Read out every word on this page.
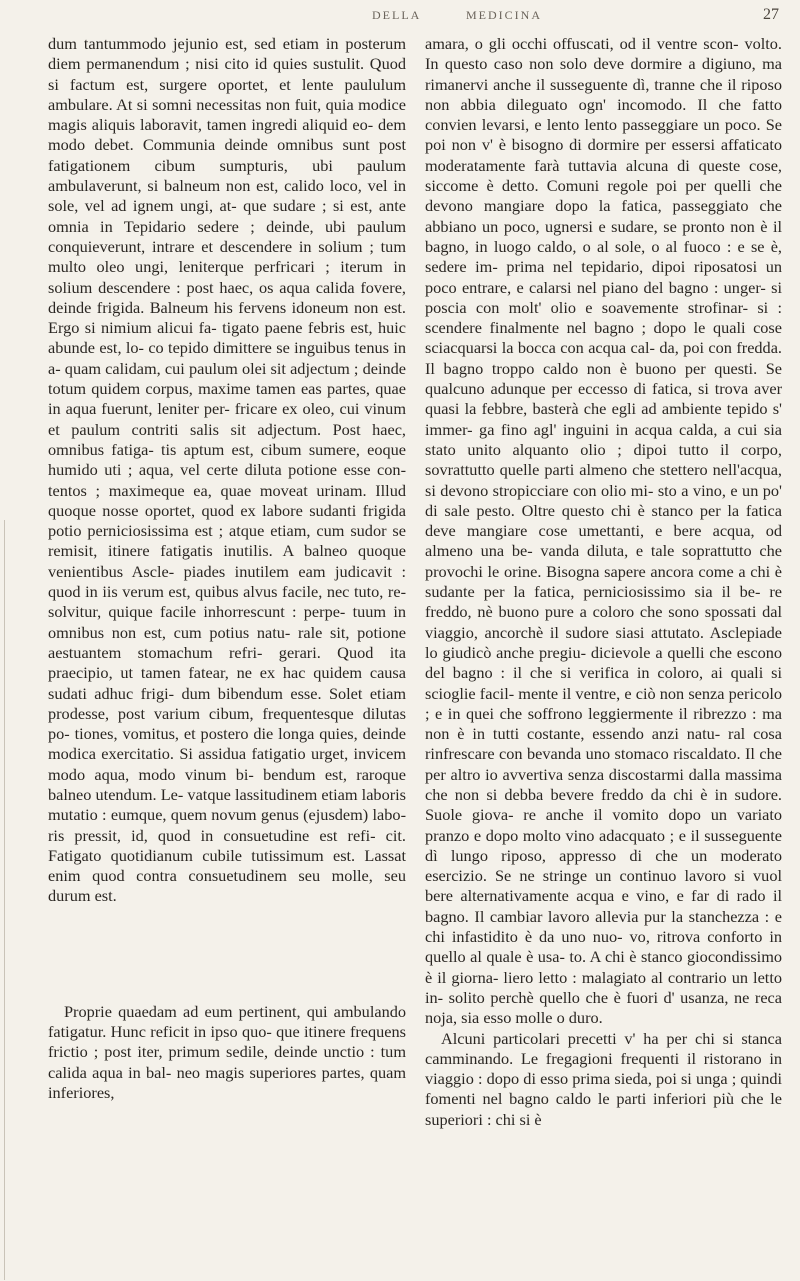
DELLA	MEDICINA	27

dum tantummodo jejunio est, sed etiam in posterum diem permanendum ; nisi cito id quies sustulit. Quod si factum est, surgere oportet, et lente paululum ambulare. At si somni necessitas non fuit, quia modice magis aliquis laboravit, tamen ingredi aliquid eo- dem modo debet. Communia deinde omnibus sunt post fatigationem cibum sumpturis, ubi paulum ambulaverunt, si balneum non est, calido loco, vel in sole, vel ad ignem ungi, at- que sudare ; si est, ante omnia in Tepidario sedere ; deinde, ubi paulum conquieverunt, intrare et descendere in solium ; tum multo oleo ungi, leniterque perfricari ; iterum in solium descendere : post haec, os aqua calida fovere, deinde frigida. Balneum his fervens idoneum non est. Ergo si nimium alicui fa- tigato paene febris est, huic abunde est, lo- co tepido dimittere se inguibus tenus in a- quam calidam, cui paulum olei sit adjectum ; deinde totum quidem corpus, maxime tamen eas partes, quae in aqua fuerunt, leniter per- fricare ex oleo, cui vinum et paulum contriti salis sit adjectum. Post haec, omnibus fatiga- tis aptum est, cibum sumere, eoque humido uti ; aqua, vel certe diluta potione esse con- tentos ; maximeque ea, quae moveat urinam. Illud quoque nosse oportet, quod ex labore sudanti frigida potio perniciosissima est ; atque etiam, cum sudor se remisit, itinere fatigatis inutilis. A balneo quoque venientibus Ascle- piades inutilem eam judicavit : quod in iis verum est, quibus alvus facile, nec tuto, re- solvitur, quique facile inhorrescunt : perpe- tuum in omnibus non est, cum potius natu- rale sit, potione aestuantem stomachum refri- gerari. Quod ita praecipio, ut tamen fatear, ne ex hac quidem causa sudati adhuc frigi- dum bibendum esse. Solet etiam prodesse, post varium cibum, frequentesque dilutas po- tiones, vomitus, et postero die longa quies, deinde modica exercitatio. Si assidua fatigatio urget, invicem modo aqua, modo vinum bi- bendum est, raroque balneo utendum. Le- vatque lassitudinem etiam laboris mutatio : eumque, quem novum genus (ejusdem) labo- ris pressit, id, quod in consuetudine est refi- cit. Fatigato quotidianum cubile tutissimum est. Lassat enim quod contra consuetudinem seu molle, seu durum est.

Proprie quaedam ad eum pertinent, qui ambulando fatigatur. Hunc reficit in ipso quo- que itinere frequens frictio ; post iter, primum sedile, deinde unctio : tum calida aqua in bal- neo magis superiores partes, quam inferiores,

amara, o gli occhi offuscati, od il ventre scon- volto. In questo caso non solo deve dormire a digiuno, ma rimanervi anche il susseguente dì, tranne che il riposo non abbia dileguato ogn' incomodo. Il che fatto convien levarsi, e lento lento passeggiare un poco. Se poi non v' è bisogno di dormire per essersi affaticato moderatamente farà tuttavia alcuna di queste cose, siccome è detto. Comuni regole poi per quelli che devono mangiare dopo la fatica, passeggiato che abbiano un poco, ugnersi e sudare, se pronto non è il bagno, in luogo caldo, o al sole, o al fuoco : e se è, sedere im- prima nel tepidario, dipoi riposatosi un poco entrare, e calarsi nel piano del bagno : unger- si poscia con molt' olio e soavemente strofinar- si : scendere finalmente nel bagno ; dopo le quali cose sciacquarsi la bocca con acqua cal- da, poi con fredda. Il bagno troppo caldo non è buono per questi. Se qualcuno adunque per eccesso di fatica, si trova aver quasi la febbre, basterà che egli ad ambiente tepido s' immer- ga fino agl' inguini in acqua calda, a cui sia stato unito alquanto olio ; dipoi tutto il corpo, sovrattutto quelle parti almeno che stettero nell'acqua, si devono stropicciare con olio mi- sto a vino, e un po' di sale pesto. Oltre questo chi è stanco per la fatica deve mangiare cose umettanti, e bere acqua, od almeno una be- vanda diluta, e tale soprattutto che provochi le orine. Bisogna sapere ancora come a chi è sudante per la fatica, perniciosissimo sia il be- re freddo, nè buono pure a coloro che sono spossati dal viaggio, ancorchè il sudore siasi attutato. Asclepiade lo giudicò anche pregiu- dicievole a quelli che escono del bagno : il che si verifica in coloro, ai quali si scioglie facil- mente il ventre, e ciò non senza pericolo ; e in quei che soffrono leggiermente il ribrezzo : ma non è in tutti costante, essendo anzi natu- ral cosa rinfrescare con bevanda uno stomaco riscaldato. Il che per altro io avvertiva senza discostarmi dalla massima che non si debba bevere freddo da chi è in sudore. Suole giova- re anche il vomito dopo un variato pranzo e dopo molto vino adacquato ; e il susseguente dì lungo riposo, appresso di che un moderato esercizio. Se ne stringe un continuo lavoro si vuol bere alternativamente acqua e vino, e far di rado il bagno. Il cambiar lavoro allevia pur la stanchezza : e chi infastidito è da uno nuo- vo, ritrova conforto in quello al quale è usa- to. A chi è stanco giocondissimo è il giorna- liero letto : malagiato al contrario un letto in- solito perchè quello che è fuori d' usanza, ne reca noja, sia esso molle o duro.

Alcuni particolari precetti v' ha per chi si stanca camminando. Le fregagioni frequenti il ristorano in viaggio : dopo di esso prima sieda, poi si unga ; quindi fomenti nel bagno caldo le parti inferiori più che le superiori : chi si è
